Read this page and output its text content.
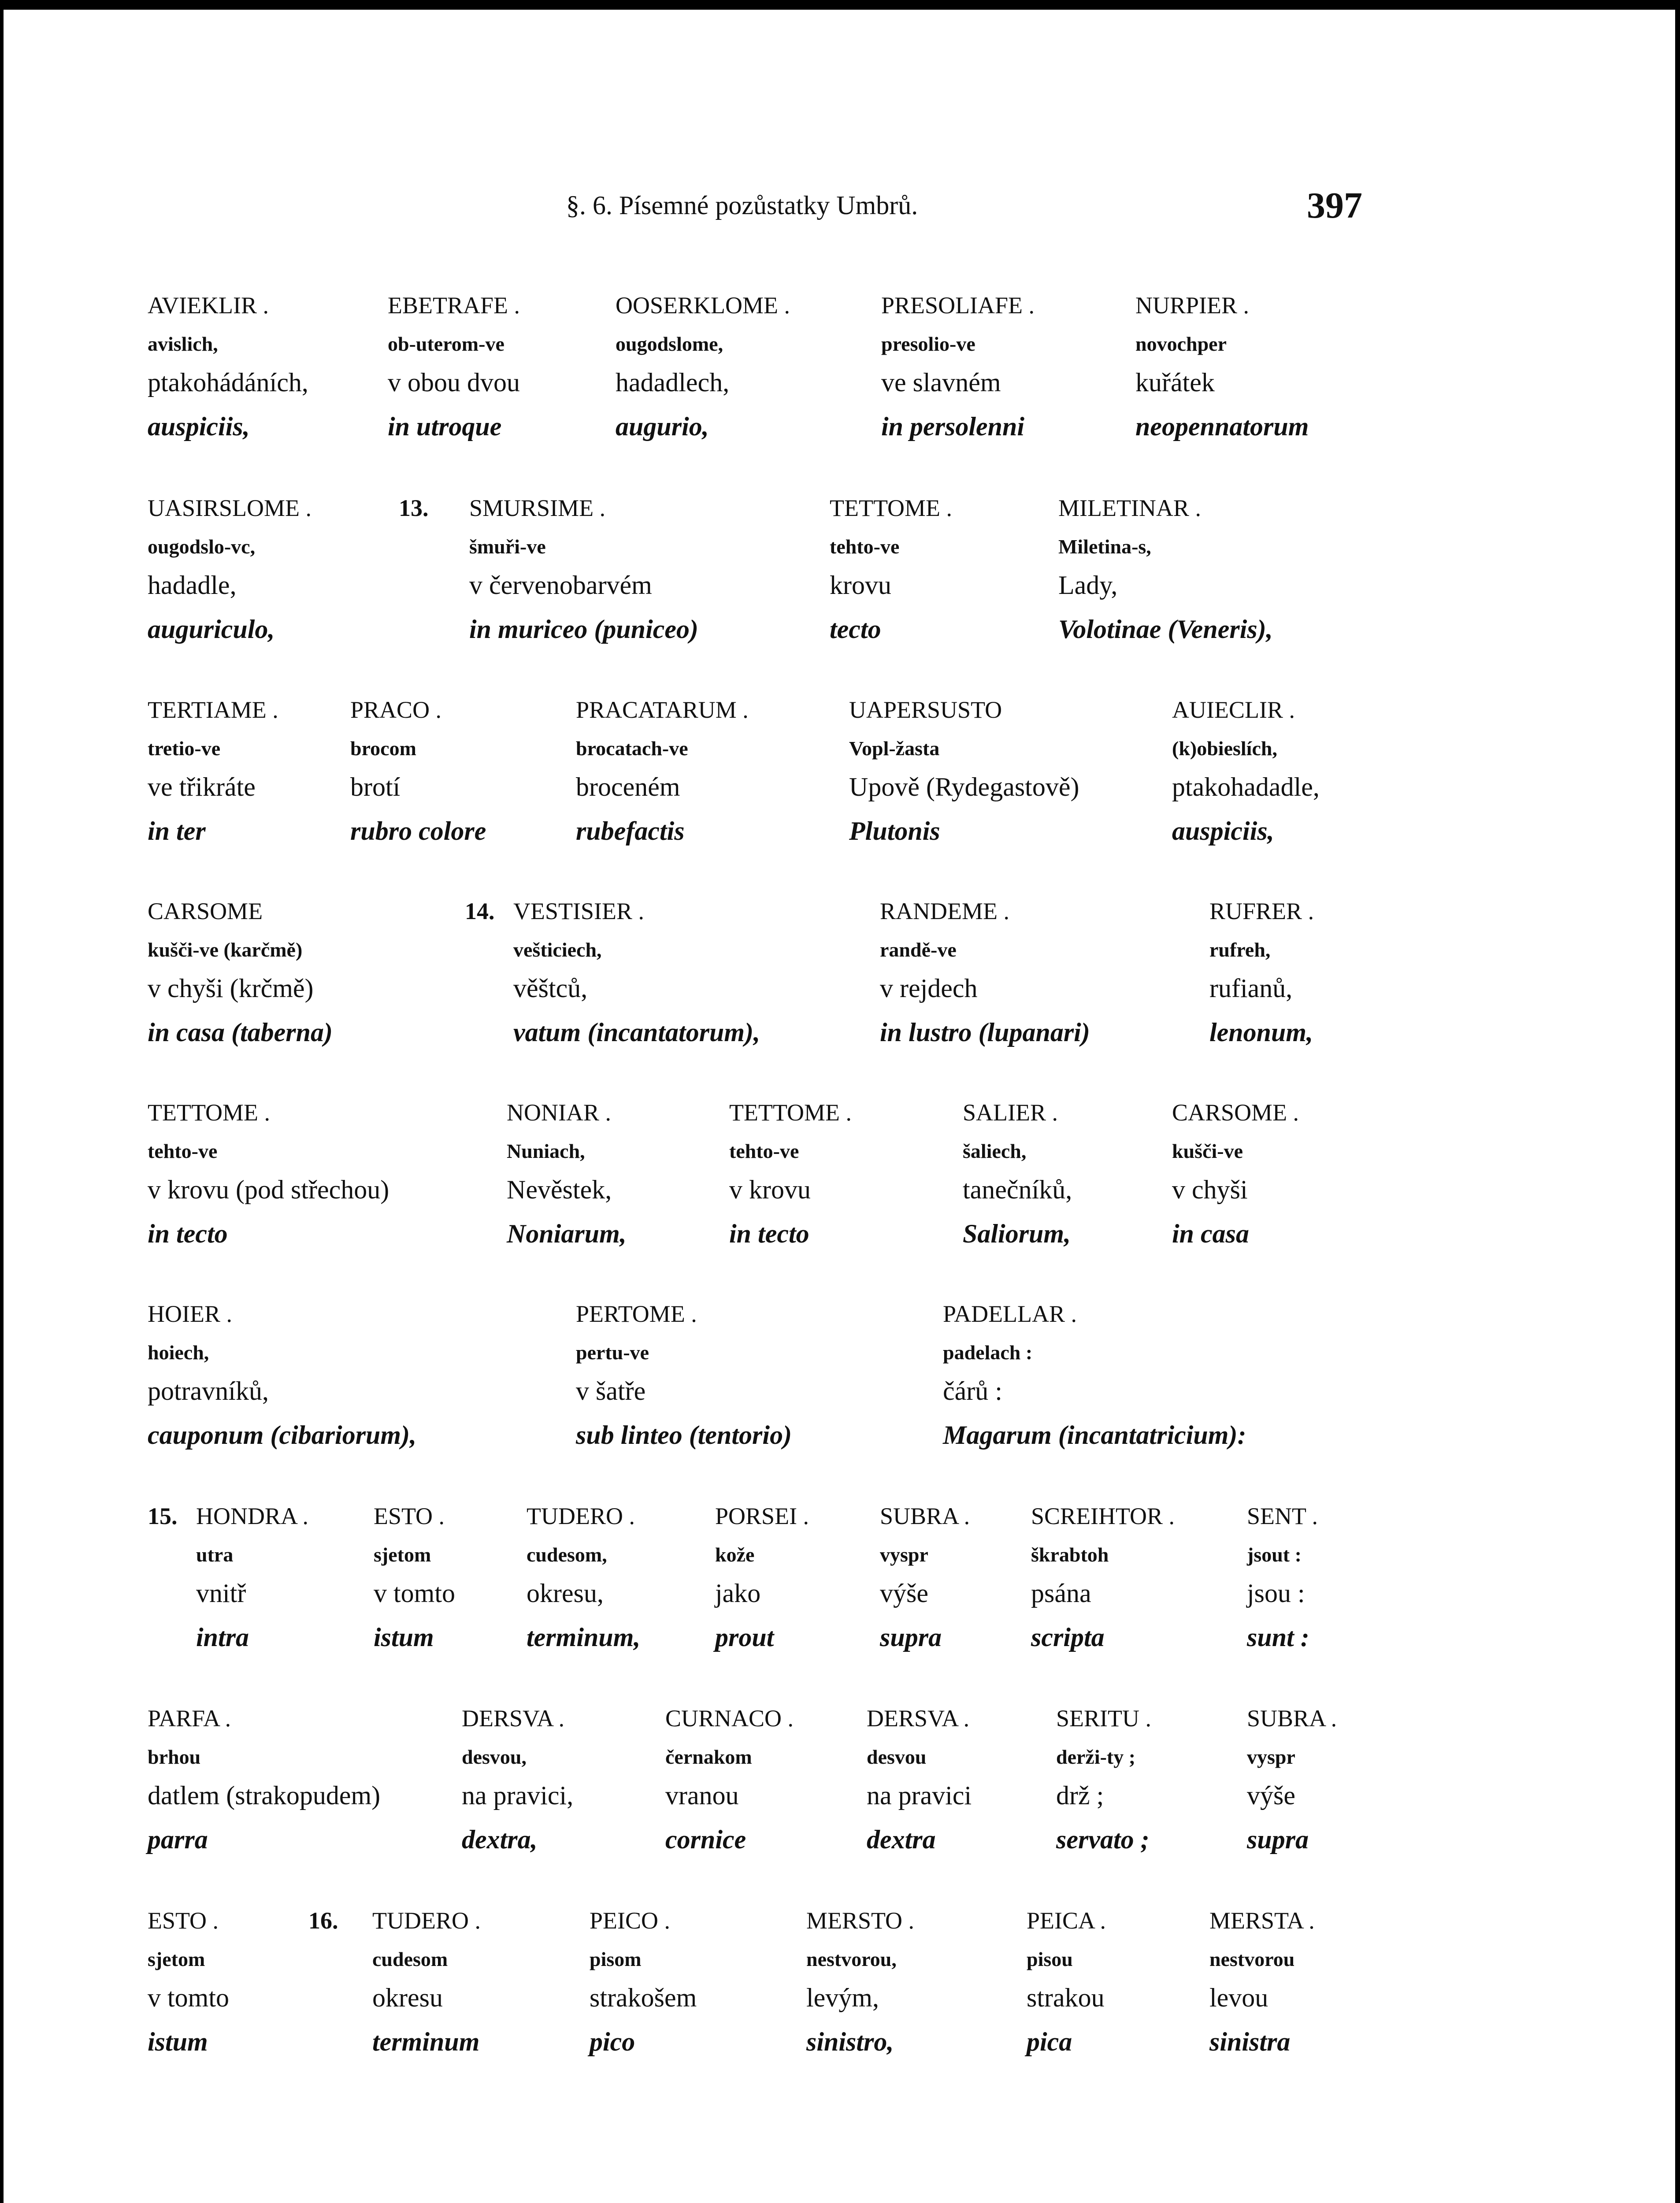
§. 6. Písemné pozůstatky Umbrů.	397
AVIEKLIR .
avislich,
ptakohádáních,
auspiciis,
EBETRAFE .
ob-uterom-ve
v obou dvou
in utroque
OOSERKLOME .
ougodslome,
hadadlech,
augurio,
PRESOLIAFE .
presolio-ve
ve slavném
in persolenni
NURPIER .
novochper
kuřátek
neopennatorum
13.
UASIRSLOME .
ougodslo-vc,
hadadle,
auguriculo,
SMURSIME .
šmuři-ve
v červenobarvém
in muriceo (puniceo)
TETTOME .
tehto-ve
krovu
tecto
MILETINAR .
Miletina-s,
Lady,
Volotinae (Veneris),
TERTIAME .
tretio-ve
ve třikráte
in ter
PRACO .
brocom
brotí
rubro colore
PRACATARUM .
brocatach-ve
broceném
rubefactis
UAPERSUSTO
Vopl-žasta
Upově (Rydegastově)
Plutonis
AUIECLIR .
(k)obieslích,
ptakohadadle,
auspiciis,
14.
CARSOME
kušči-ve (karčmě)
v chyši (krčmě)
in casa (taberna)
VESTISIER .
vešticiech,
věštců,
vatum (incantatorum),
RANDEME .
randě-ve
v rejdech
in lustro (lupanari)
RUFRER .
rufreh,
rufianů,
lenonum,
TETTOME .
tehto-ve
v krovu (pod střechou)
in tecto
NONIAR .
Nuniach,
Nevěstek,
Noniarum,
TETTOME .
tehto-ve
v krovu
in tecto
SALIER .
šaliech,
tanečníků,
Saliorum,
CARSOME .
kušči-ve
v chyši
in casa
HOIER .
hoiech,
potravníků,
cauponum (cibariorum),
PERTOME .
pertu-ve
v šatře
sub linteo (tentorio)
PADELLAR .
padelach :
čárů :
Magarum (incantatricium):
15. HONDRA .
utra
vnitř
intra
ESTO .
sjetom
v tomto
istum
TUDERO .
cudesom,
okresu,
terminum,
PORSEI .
kože
jako
prout
SUBRA .
vyspr
výše
supra
SCREIHTOR .
škrabtoh
psána
scripta
SENT .
jsout :
jsou :
sunt :
PARFA .
brhou
datlem (strakopudem)
parra
DERSVA .
desvou,
na pravici,
dextra,
CURNACO .
černakom
vranou
cornice
DERSVA .
desvou
na pravici
dextra
SERITU .
derži-ty ;
drž ;
servato ;
SUBRA .
vyspr
výše
supra
16.
ESTO .
sjetom
v tomto
istum
TUDERO .
cudesom
okresu
terminum
PEICO .
pisom
strakošem
pico
MERSTO .
nestvorou,
levým,
sinistro,
PEICA .
pisou
strakou
pica
MERSTA .
nestvorou
levou
sinistra
